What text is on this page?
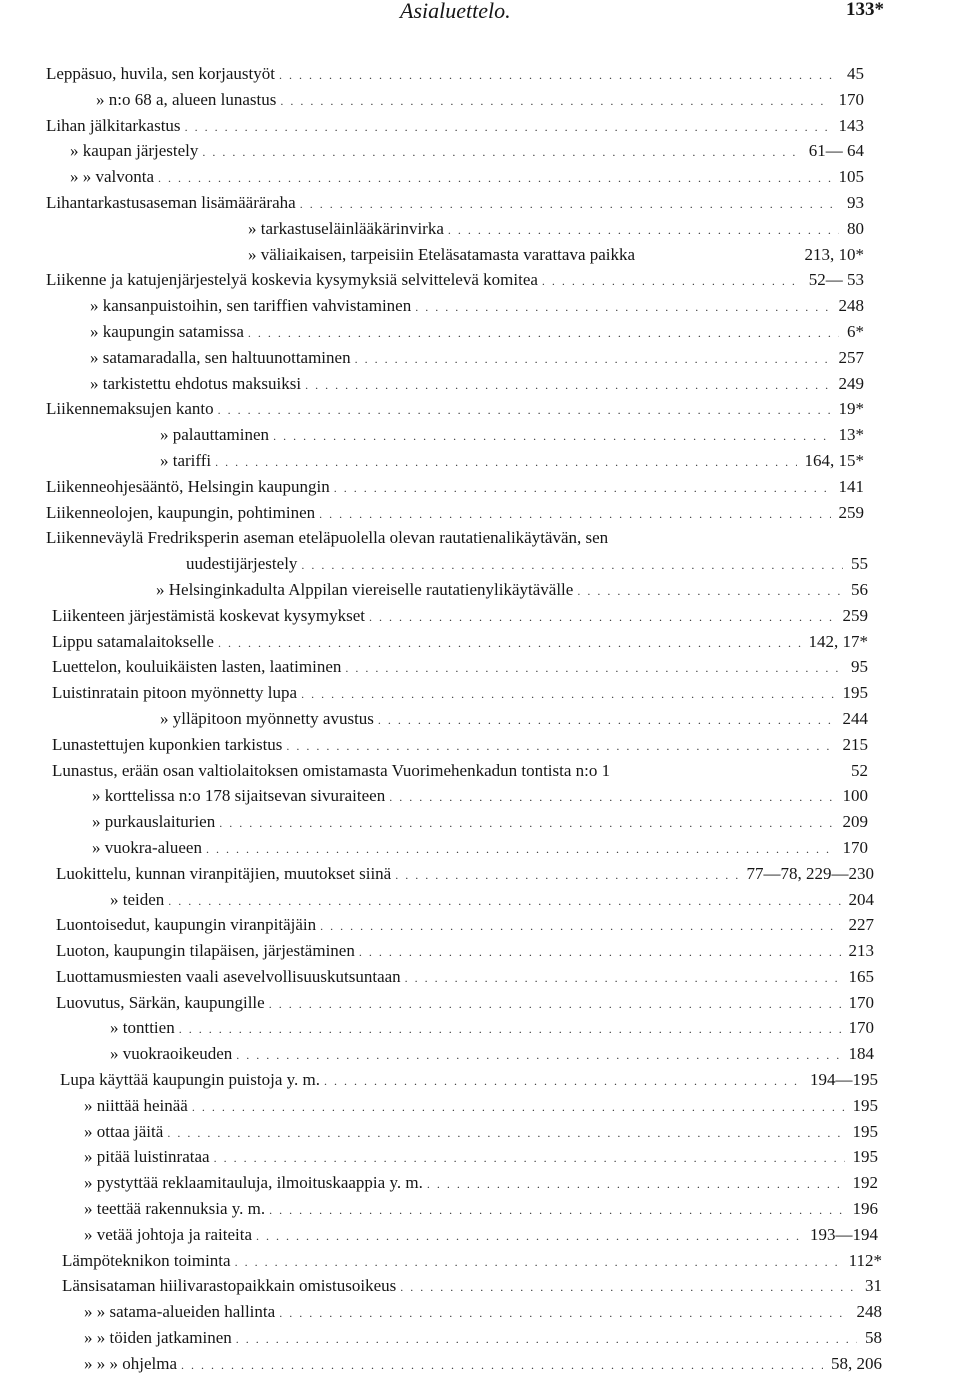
Asialuettelo.	133*
Leppäsuo, huvila, sen korjaustyöt . . .	45
» n:o 68 a, alueen lunastus . . .	170
Lihan jälkitarkastus . . .	143
» kaupan järjestely . . .	61— 64
» » valvonta . . .	105
Lihantarkastusaseman lisämääräraha . . .	93
» tarkastuseläinlääkärinvirka . . .	80
» väliaikaisen, tarpeisiin Eteläsatamasta varattava paikka	213, 10*
Liikenne ja katujenjärjestelyä koskevia kysymyksiä selvittelevä komitea . . .	52— 53
» kansanpuistoihin, sen tariffien vahvistaminen . . .	248
» kaupungin satamissa . . .	6*
» satamaradalla, sen haltuunottaminen . . .	257
» tarkistettu ehdotus maksuiksi . . .	249
Liikennemaksujen kanto . . .	19*
» palauttaminen . . .	13*
» tariffi . . .	164, 15*
Liikenneohjesääntö, Helsingin kaupungin . . .	141
Liikenneolojen, kaupungin, pohtiminen . . .	259
Liikenneväylä Fredriksperin aseman eteläpuolella olevan rautatienalikäytävän, sen
uudestijärjestely . . .	55
» Helsinginkadulta Alppilan viereiselle rautatienylikäytävälle . . .	56
Liikenteen järjestämistä koskevat kysymykset . . .	259
Lippu satamalaitokselle . . .	142, 17*
Luettelon, kouluikäisten lasten, laatiminen . . .	95
Luistinratain pitoon myönnetty lupa . . .	195
» ylläpitoon myönnetty avustus . . .	244
Lunastettujen kuponkien tarkistus . . .	215
Lunastus, erään osan valtiolaitoksen omistamasta Vuorimehenkadun tontista n:o 1	52
» korttelissa n:o 178 sijaitsevan sivuraiteen . . .	100
» purkauslaiturien . . .	209
» vuokra-alueen . . .	170
Luokittelu, kunnan viranpitäjien, muutokset siinä . . .	77—78, 229—230
» teiden . . .	204
Luontoisedut, kaupungin viranpitäjäin . . .	227
Luoton, kaupungin tilapäisen, järjestäminen . . .	213
Luottamusmiesten vaali asevelvollisuuskutsuntaan . . .	165
Luovutus, Särkän, kaupungille . . .	170
» tonttien . . .	170
» vuokraoikeuden . . .	184
Lupa käyttää kaupungin puistoja y. m. . . .	194—195
» niittää heinää . . .	195
» ottaa jäitä . . .	195
» pitää luistinrataa . . .	195
» pystyttää reklaamitauluja, ilmoituskaappia y. m. . . .	192
» teettää rakennuksia y. m. . . .	196
» vetää johtoja ja raiteita . . .	193—194
Lämpöteknikon toiminta . . .	112*
Länsisataman hiilivarastopaikkain omistusoikeus . . .	31
» » satama-alueiden hallinta . . .	248
» » töiden jatkaminen . . .	58
» » » ohjelma . . .	58, 206
